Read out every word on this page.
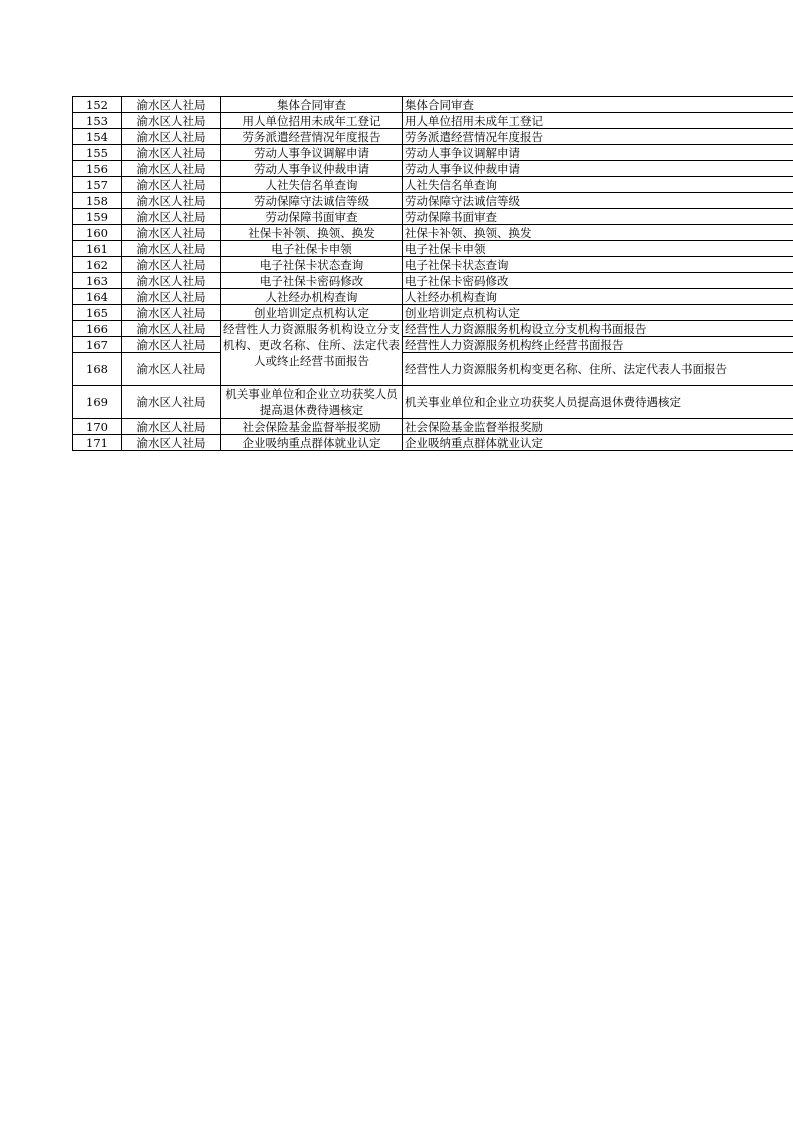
152	渝水区人社局	集体合同审查	集体合同审查
153	渝水区人社局	用人单位招用未成年工登记	用人单位招用未成年工登记
154	渝水区人社局	劳务派遣经营情况年度报告	劳务派遣经营情况年度报告
155	渝水区人社局	劳动人事争议调解申请	劳动人事争议调解申请
156	渝水区人社局	劳动人事争议仲裁申请	劳动人事争议仲裁申请
157	渝水区人社局	人社失信名单查询	人社失信名单查询
158	渝水区人社局	劳动保障守法诚信等级	劳动保障守法诚信等级
159	渝水区人社局	劳动保障书面审查	劳动保障书面审查
160	渝水区人社局	社保卡补领、换领、换发	社保卡补领、换领、换发
161	渝水区人社局	电子社保卡申领	电子社保卡申领
162	渝水区人社局	电子社保卡状态查询	电子社保卡状态查询
163	渝水区人社局	电子社保卡密码修改	电子社保卡密码修改
164	渝水区人社局	人社经办机构查询	人社经办机构查询
165	渝水区人社局	创业培训定点机构认定	创业培训定点机构认定
166	渝水区人社局	经营性人力资源服务机构设立分支机构、更改名称、住所、法定代表人或终止经营书面报告	经营性人力资源服务机构设立分支机构书面报告
167	渝水区人社局		经营性人力资源服务机构终止经营书面报告
168	渝水区人社局		经营性人力资源服务机构变更名称、住所、法定代表人书面报告
169	渝水区人社局	机关事业单位和企业立功获奖人员提高退休费待遇核定	机关事业单位和企业立功获奖人员提高退休费待遇核定
170	渝水区人社局	社会保险基金监督举报奖励	社会保险基金监督举报奖励
171	渝水区人社局	企业吸纳重点群体就业认定	企业吸纳重点群体就业认定
